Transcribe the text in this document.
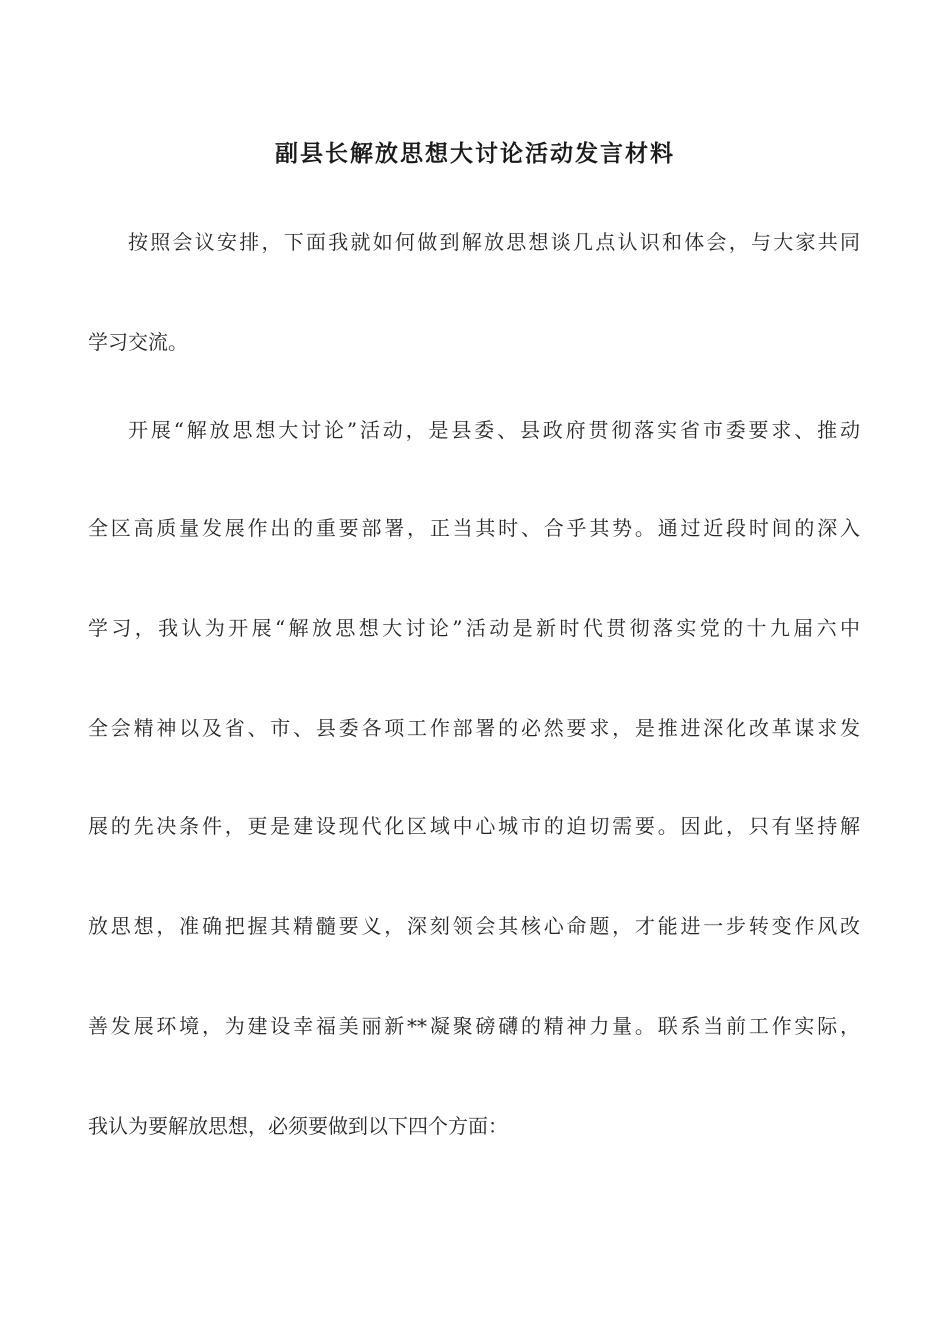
副县长解放思想大讨论活动发言材料
按照会议安排，下面我就如何做到解放思想谈几点认识和体会，与大家共同
学习交流。
开展“解放思想大讨论”活动，是县委、县政府贯彻落实省市委要求、推动
全区高质量发展作出的重要部署，正当其时、合乎其势。通过近段时间的深入
学习，我认为开展“解放思想大讨论”活动是新时代贯彻落实党的十九届六中
全会精神以及省、市、县委各项工作部署的必然要求，是推进深化改革谋求发
展的先决条件，更是建设现代化区域中心城市的迫切需要。因此，只有坚持解
放思想，准确把握其精髓要义，深刻领会其核心命题，才能进一步转变作风改
善发展环境，为建设幸福美丽新**凝聚磅礴的精神力量。联系当前工作实际，
我认为要解放思想，必须要做到以下四个方面：
